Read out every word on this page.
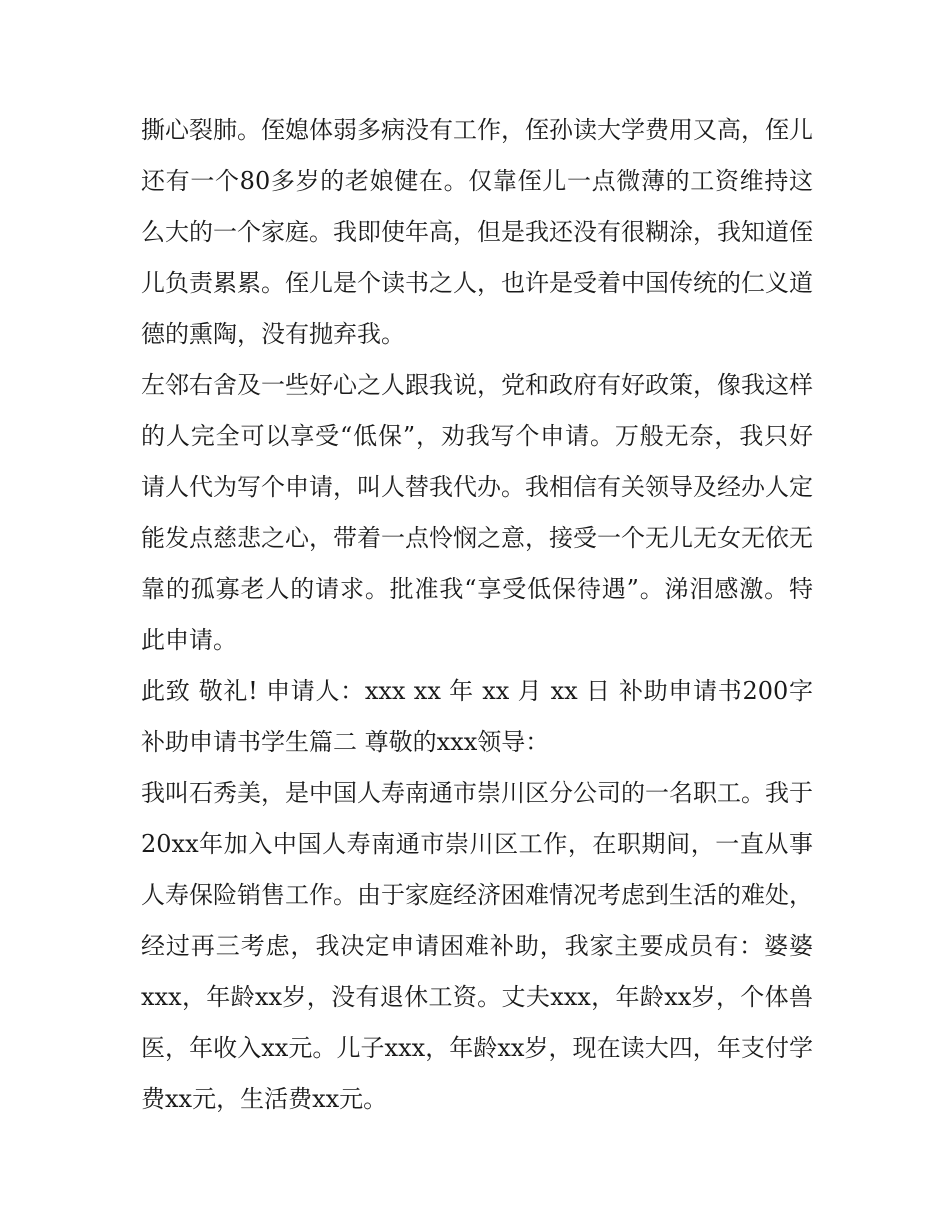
撕心裂肺。侄媳体弱多病没有工作，侄孙读大学费用又高，侄儿还有一个80多岁的老娘健在。仅靠侄儿一点微薄的工资维持这么大的一个家庭。我即使年高，但是我还没有很糊涂，我知道侄儿负责累累。侄儿是个读书之人，也许是受着中国传统的仁义道德的熏陶，没有抛弃我。

左邻右舍及一些好心之人跟我说，党和政府有好政策，像我这样的人完全可以享受“低保”，劝我写个申请。万般无奈，我只好请人代为写个申请，叫人替我代办。我相信有关领导及经办人定能发点慈悲之心，带着一点怜悯之意，接受一个无儿无女无依无靠的孤寡老人的请求。批准我“享受低保待遇”。涕泪感激。特此申请。

此致 敬礼! 申请人：xxx xx 年 xx 月 xx 日 补助申请书200字 补助申请书学生篇二 尊敬的xxx领导：

我叫石秀美，是中国人寿南通市崇川区分公司的一名职工。我于20xx年加入中国人寿南通市崇川区工作，在职期间，一直从事人寿保险销售工作。由于家庭经济困难情况考虑到生活的难处，经过再三考虑，我决定申请困难补助，我家主要成员有：婆婆xxx，年龄xx岁，没有退休工资。丈夫xxx，年龄xx岁，个体兽医，年收入xx元。儿子xxx，年龄xx岁，现在读大四，年支付学费xx元，生活费xx元。
